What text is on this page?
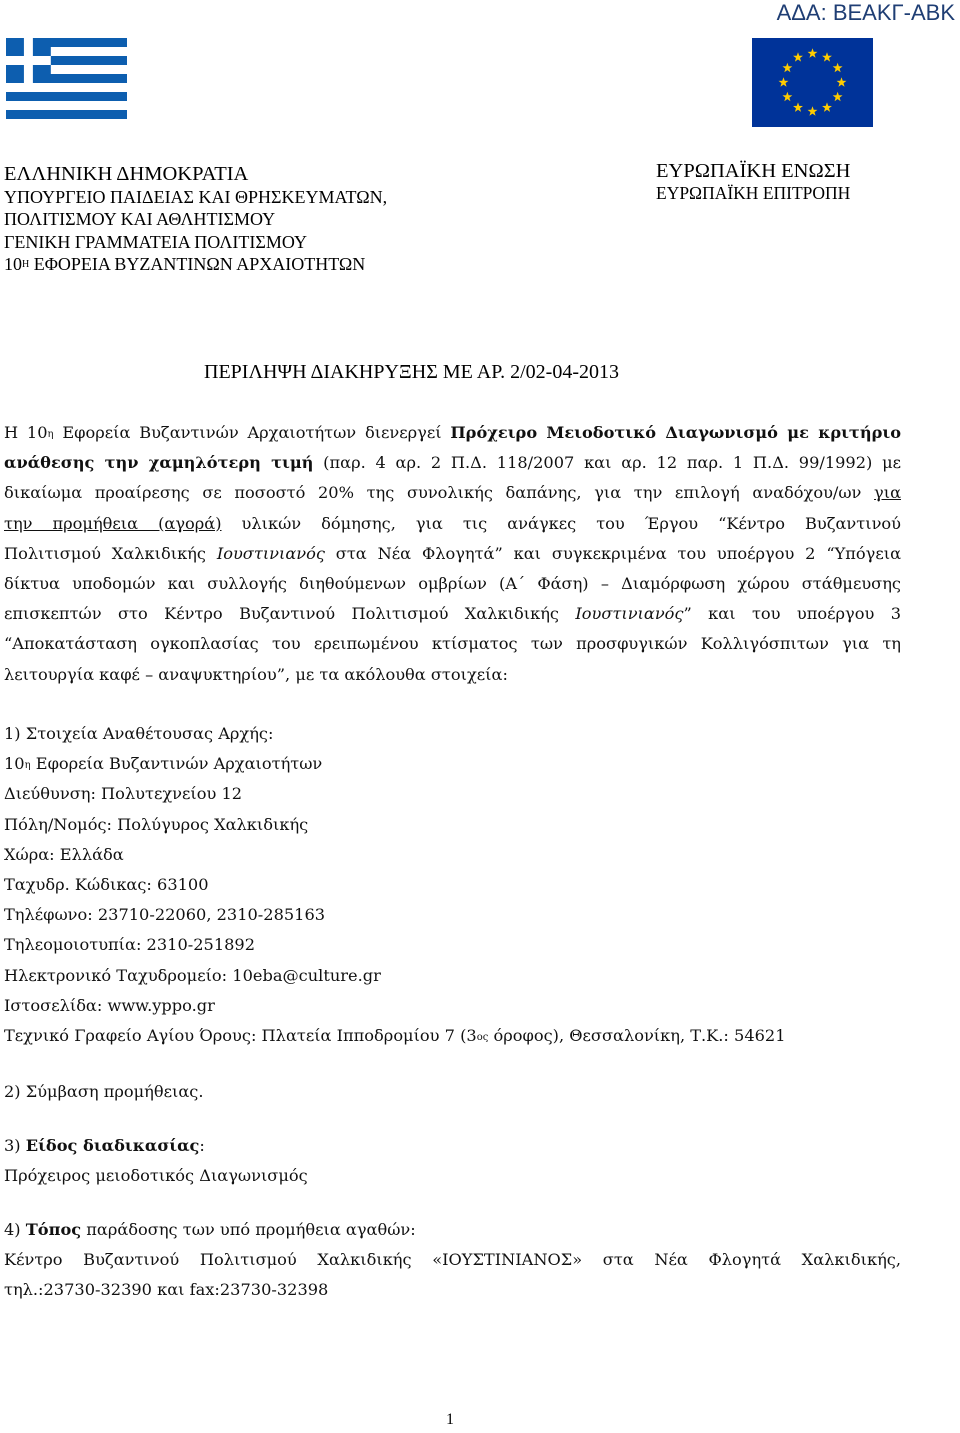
ΑΔΑ: ΒΕΑΚΓ-ΑΒΚ
ΕΛΛΗΝΙΚΗ ΔΗΜΟΚΡΑΤΙΑ
ΥΠΟΥΡΓΕΙΟ ΠΑΙΔΕΙΑΣ ΚΑΙ ΘΡΗΣΚΕΥΜΑΤΩΝ,
ΠΟΛΙΤΙΣΜΟΥ ΚΑΙ ΑΘΛΗΤΙΣΜΟΥ
ΓΕΝΙΚΗ ΓΡΑΜΜΑΤΕΙΑ ΠΟΛΙΤΙΣΜΟΥ
$10^H$ ΕΦΟΡΕΙΑ ΒΥΖΑΝΤΙΝΩΝ ΑΡΧΑΙΟΤΗΤΩΝ
ΕΥΡΩΠΑΪΚΗ ΕΝΩΣΗ
ΕΥΡΩΠΑΪΚΗ ΕΠΙΤΡΟΠΗ
ΠΕΡΙΛΗΨΗ ΔΙΑΚΗΡΥΞΗΣ ΜΕ ΑΡ. 2/02-04-2013
Η $10^\eta$ Εφορεία Βυζαντινών Αρχαιοτήτων διενεργεί Πρόχειρο Μειοδοτικό Διαγωνισμό με κριτήριο
ανάθεσης την χαμηλότερη τιμή (παρ. 4 αρ. 2 Π.Δ. 118/2007 και αρ. 12 παρ. 1 Π.Δ. 99/1992) με
δικαίωμα προαίρεσης σε ποσοστό 20% της συνολικής δαπάνης, για την επιλογή αναδόχου/ων για
την προμήθεια (αγορά) υλικών δόμησης, για τις ανάγκες του Έργου “Κέντρο Βυζαντινού
Πολιτισμού Χαλκιδικής Ιουστινιανός στα Νέα Φλογητά” και συγκεκριμένα του υποέργου 2 “Υπόγεια
δίκτυα υποδομών και συλλογής διηθούμενων ομβρίων (Α΄ Φάση) – Διαμόρφωση χώρου στάθμευσης
επισκεπτών στο Κέντρο Βυζαντινού Πολιτισμού Χαλκιδικής Ιουστινιανός” και του υποέργου 3
“Αποκατάσταση ογκοπλασίας του ερειπωμένου κτίσματος των προσφυγικών Κολλιγόσπιτων για τη
λειτουργία καφέ – αναψυκτηρίου”, με τα ακόλουθα στοιχεία:
1) Στοιχεία Αναθέτουσας Αρχής:
$10^\eta$ Εφορεία Βυζαντινών Αρχαιοτήτων
Διεύθυνση: Πολυτεχνείου 12
Πόλη/Νομός: Πολύγυρος Χαλκιδικής
Χώρα: Ελλάδα
Ταχυδρ. Κώδικας: 63100
Τηλέφωνο: 23710-22060, 2310-285163
Τηλεομοιοτυπία: 2310-251892
Ηλεκτρονικό Ταχυδρομείο: 10eba@culture.gr
Ιστοσελίδα: www.yppo.gr
Τεχνικό Γραφείο Αγίου Όρους: Πλατεία Ιπποδρομίου 7 ($3^{o\varsigma}$ όροφος), Θεσσαλονίκη, Τ.Κ.: 54621
2) Σύμβαση προμήθειας.
3) Είδος διαδικασίας:
Πρόχειρος μειοδοτικός Διαγωνισμός
4) Τόπος παράδοσης των υπό προμήθεια αγαθών:
Κέντρο Βυζαντινού Πολιτισμού Χαλκιδικής «ΙΟΥΣΤΙΝΙΑΝΟΣ» στα Νέα Φλογητά Χαλκιδικής,
τηλ.:23730-32390 και fax:23730-32398
1
